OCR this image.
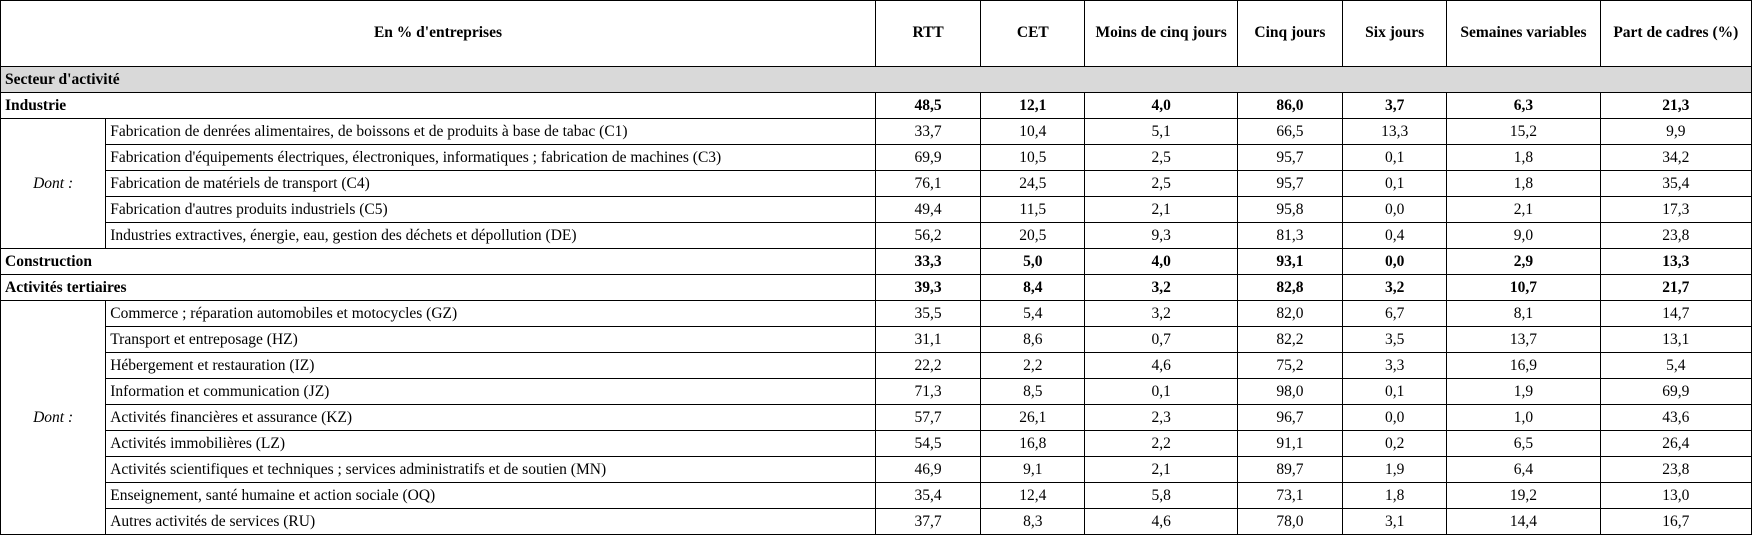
En % d'entreprises		RTT	CET	Moins de cinq jours	Cinq jours	Six jours	Semaines variables	Part de cadres (%)
Secteur d'activité								
Industrie		48,5	12,1	4,0	86,0	3,7	6,3	21,3
Dont :	Fabrication de denrées alimentaires, de boissons et de produits à base de tabac (C1)	33,7	10,4	5,1	66,5	13,3	15,2	9,9
	Fabrication d'équipements électriques, électroniques, informatiques ; fabrication de machines (C3)	69,9	10,5	2,5	95,7	0,1	1,8	34,2
	Fabrication de matériels de transport (C4)	76,1	24,5	2,5	95,7	0,1	1,8	35,4
	Fabrication d'autres produits industriels (C5)	49,4	11,5	2,1	95,8	0,0	2,1	17,3
	Industries extractives, énergie, eau, gestion des déchets et dépollution (DE)	56,2	20,5	9,3	81,3	0,4	9,0	23,8
Construction		33,3	5,0	4,0	93,1	0,0	2,9	13,3
Activités tertiaires		39,3	8,4	3,2	82,8	3,2	10,7	21,7
Dont :	Commerce ; réparation automobiles et motocycles (GZ)	35,5	5,4	3,2	82,0	6,7	8,1	14,7
	Transport et entreposage (HZ)	31,1	8,6	0,7	82,2	3,5	13,7	13,1
	Hébergement et restauration (IZ)	22,2	2,2	4,6	75,2	3,3	16,9	5,4
	Information et communication (JZ)	71,3	8,5	0,1	98,0	0,1	1,9	69,9
	Activités financières et assurance (KZ)	57,7	26,1	2,3	96,7	0,0	1,0	43,6
	Activités immobilières (LZ)	54,5	16,8	2,2	91,1	0,2	6,5	26,4
	Activités scientifiques et techniques ; services administratifs et de soutien (MN)	46,9	9,1	2,1	89,7	1,9	6,4	23,8
	Enseignement, santé humaine et action sociale (OQ)	35,4	12,4	5,8	73,1	1,8	19,2	13,0
	Autres activités de services (RU)	37,7	8,3	4,6	78,0	3,1	14,4	16,7
